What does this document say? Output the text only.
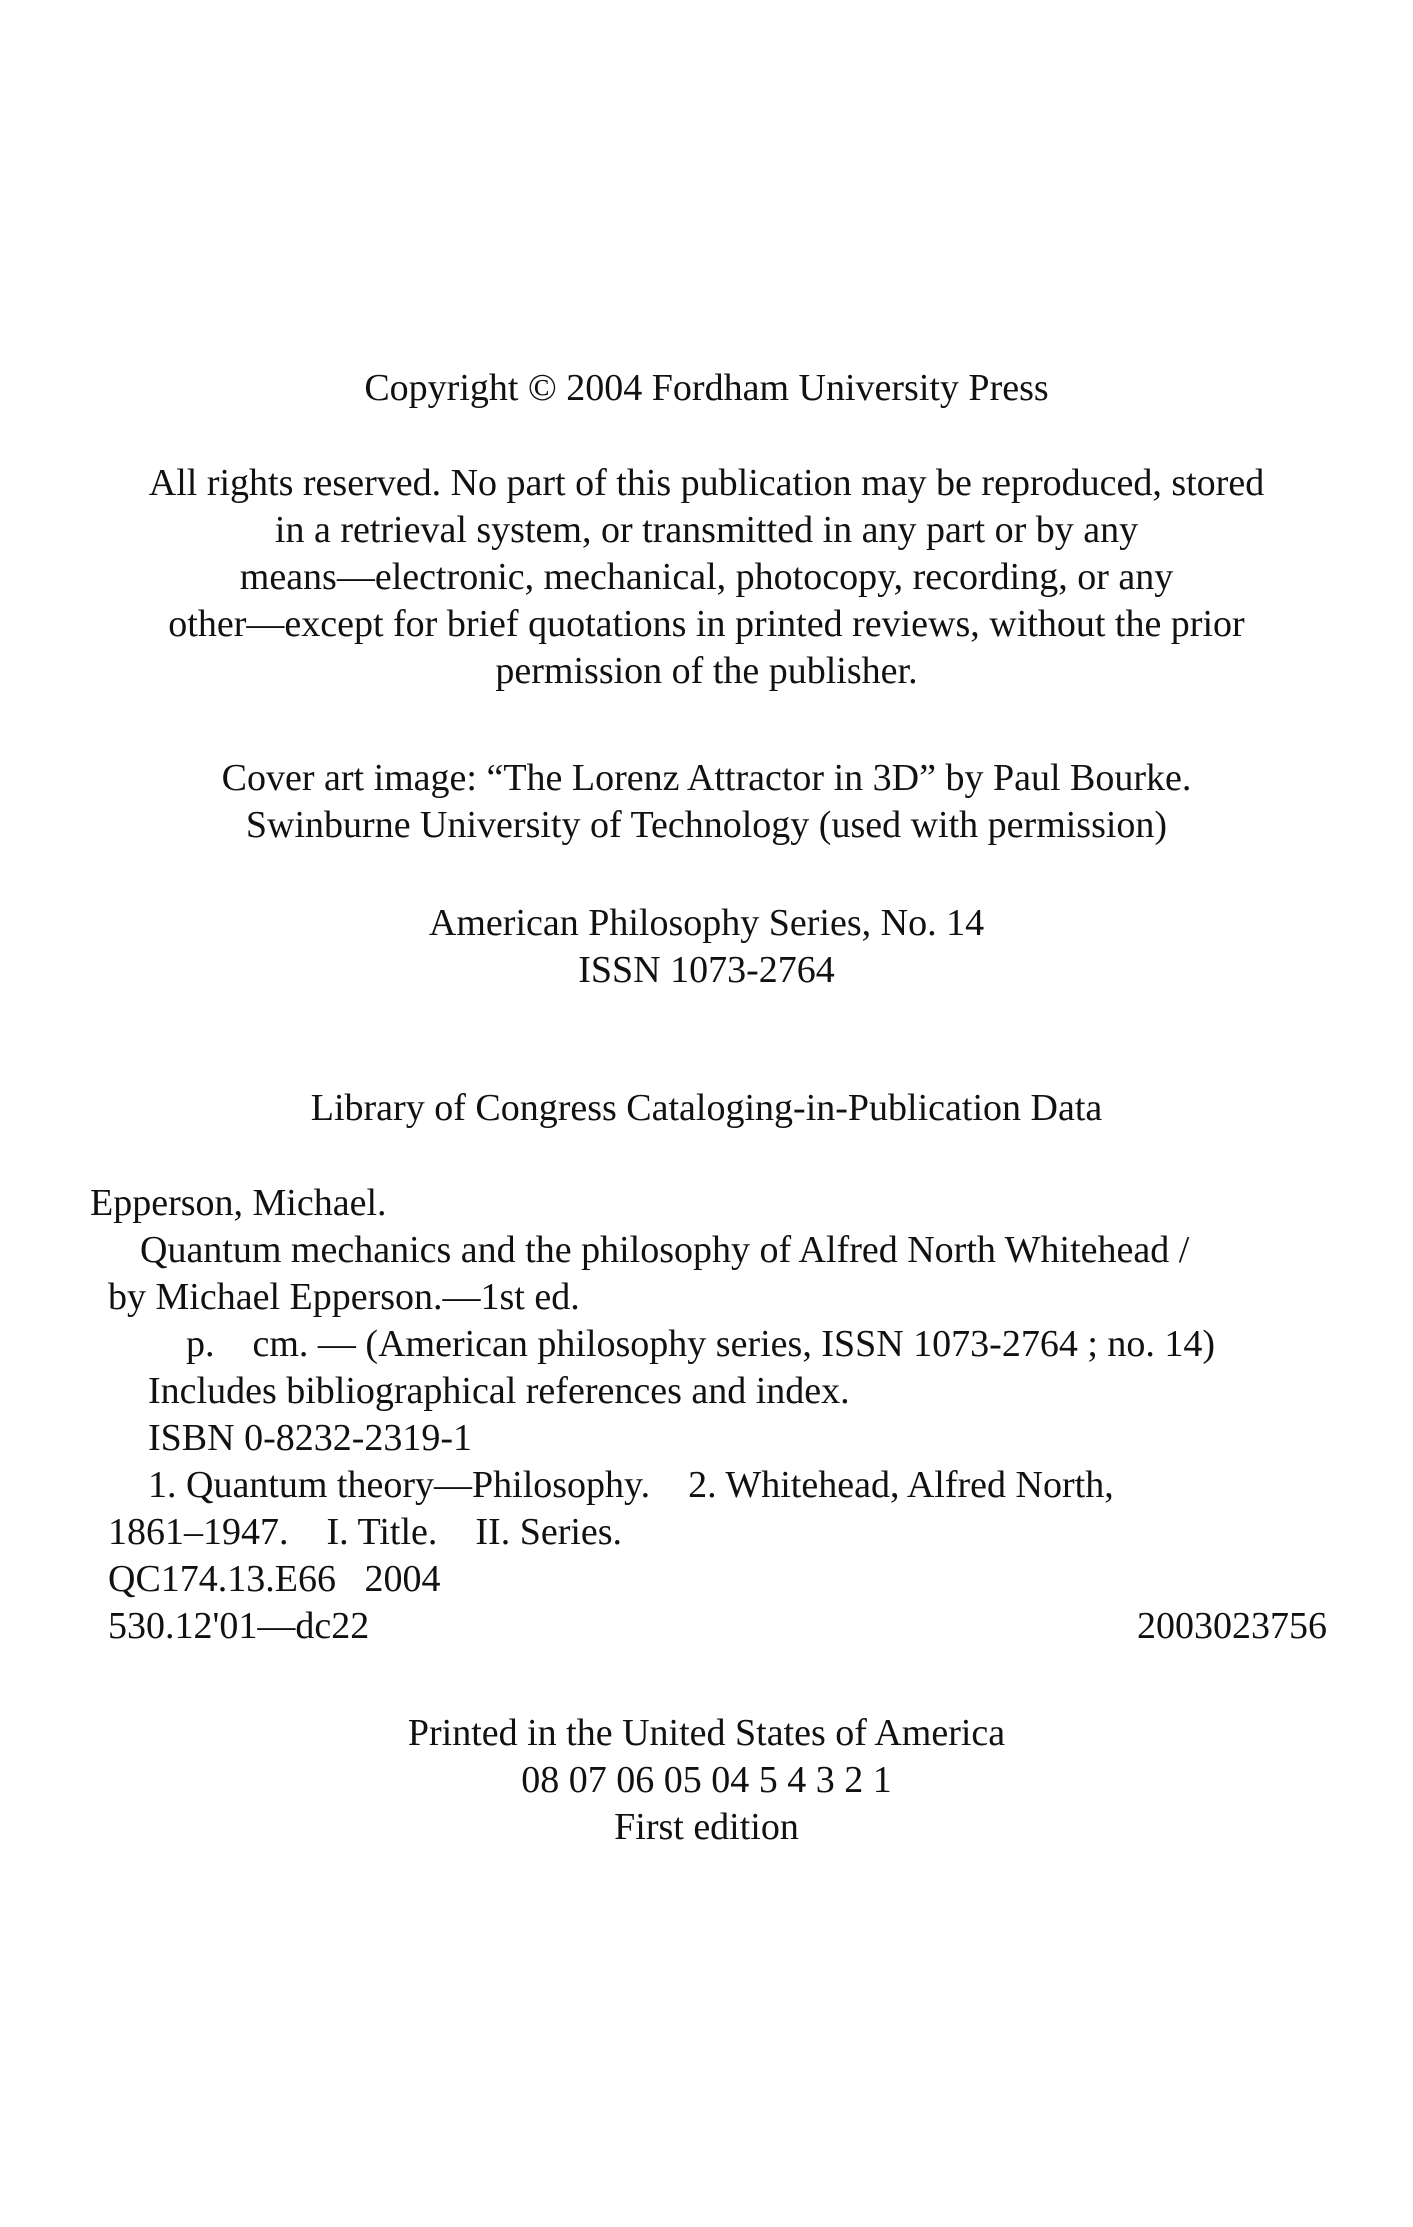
Copyright © 2004 Fordham University Press

All rights reserved. No part of this publication may be reproduced, stored

in a retrieval system, or transmitted in any part or by any

means—electronic, mechanical, photocopy, recording, or any

other—except for brief quotations in printed reviews, without the prior

permission of the publisher.

Cover art image: “The Lorenz Attractor in 3D” by Paul Bourke.

Swinburne University of Technology (used with permission)

American Philosophy Series, No. 14

ISSN 1073-2764

Library of Congress Cataloging-in-Publication Data

Epperson, Michael.
Quantum mechanics and the philosophy of Alfred North Whitehead /
by Michael Epperson.—1st ed.
p.    cm. — (American philosophy series, ISSN 1073-2764 ; no. 14)
Includes bibliographical references and index.
ISBN 0-8232-2319-1
1. Quantum theory—Philosophy.    2. Whitehead, Alfred North,
1861–1947.    I. Title.    II. Series.
QC174.13.E66   2004
530.12'01—dc22	2003023756

Printed in the United States of America

08 07 06 05 04 5 4 3 2 1

First edition
